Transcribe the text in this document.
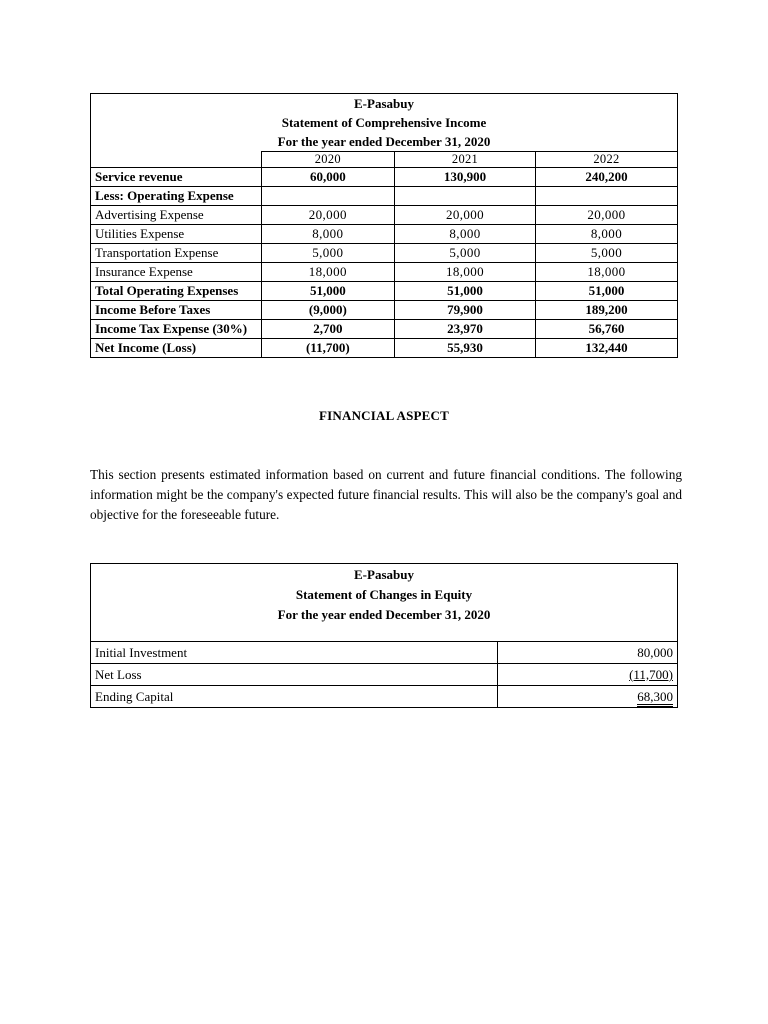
E-Pasabuy
Statement of Comprehensive Income
For the year ended December 31, 2020			

	2020	2021	2022
Service revenue	60,000	130,900	240,200
Less: Operating Expense			
Advertising Expense	20,000	20,000	20,000
Utilities Expense	8,000	8,000	8,000
Transportation Expense	5,000	5,000	5,000
Insurance Expense	18,000	18,000	18,000
Total Operating Expenses	51,000	51,000	51,000
Income Before Taxes	(9,000)	79,900	189,200
Income Tax Expense (30%)	2,700	23,970	56,760
Net Income (Loss)	(11,700)	55,930	132,440
FINANCIAL ASPECT
This section presents estimated information based on current and future financial conditions. The following information might be the company's expected future financial results. This will also be the company's goal and objective for the foreseeable future.
E-Pasabuy
Statement of Changes in Equity
For the year ended December 31, 2020	

Initial Investment	80,000
Net Loss	(11,700)
Ending Capital	68,300
